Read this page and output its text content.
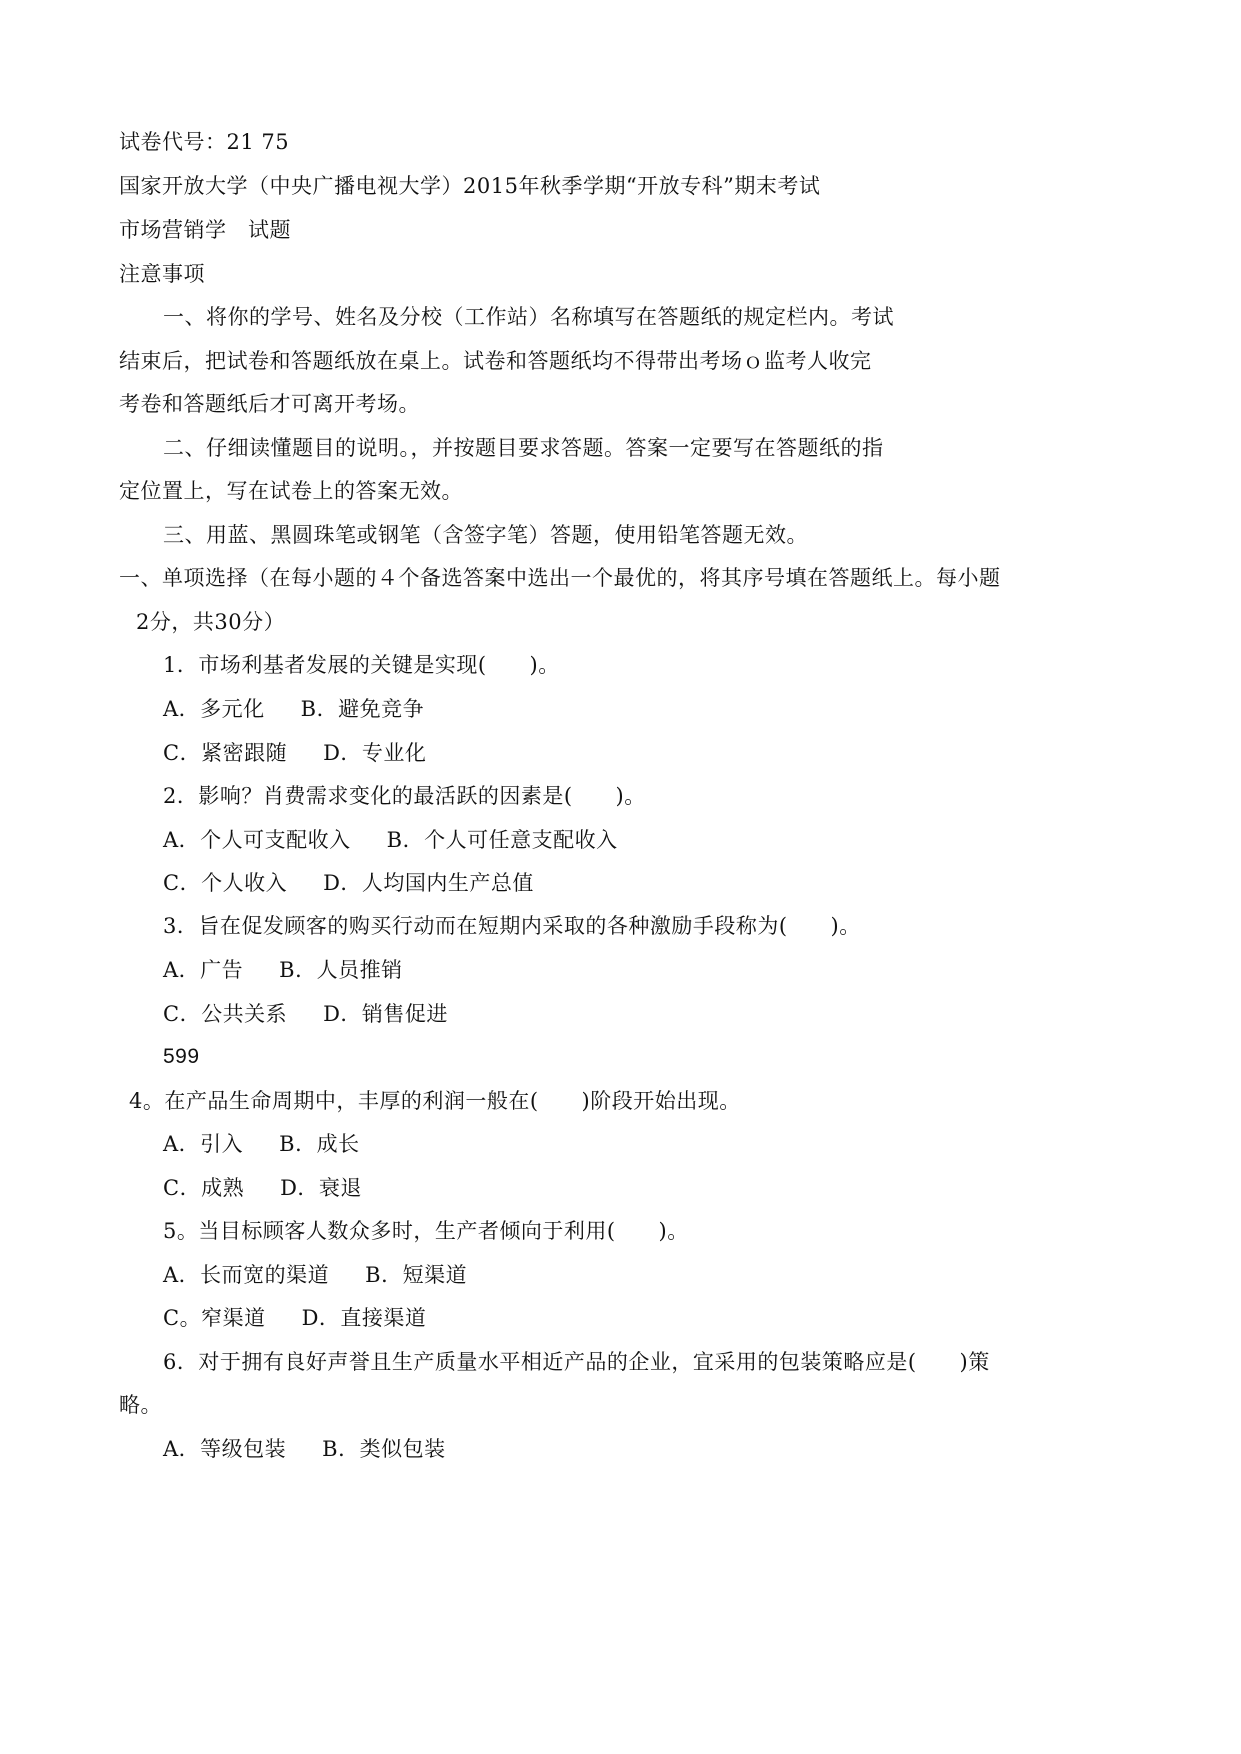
试卷代号：21 75
国家开放大学（中央广播电视大学）2015年秋季学期“开放专科”期末考试
市场营销学　试题
注意事项
一、将你的学号、姓名及分校（工作站）名称填写在答题纸的规定栏内。考试
结束后，把试卷和答题纸放在桌上。试卷和答题纸均不得带出考场ｏ监考人收完
考卷和答题纸后才可离开考场。
二、仔细读懂题目的说明。，并按题目要求答题。答案一定要写在答题纸的指
定位置上，写在试卷上的答案无效。
三、用蓝、黑圆珠笔或钢笔（含签字笔）答题，使用铅笔答题无效。
一、单项选择（在每小题的４个备选答案中选出一个最优的，将其序号填在答题纸上。每小题
2分，共30分）
1．市场利基者发展的关键是实现(　　)。
A．多元化 B．避免竞争
C．紧密跟随 D．专业化
2．影响？肖费需求变化的最活跃的因素是(　　)。
A．个人可支配收入 B．个人可任意支配收入
C．个人收入 D．人均国内生产总值
3．旨在促发顾客的购买行动而在短期内采取的各种激励手段称为(　　)。
A．广告 B．人员推销
C．公共关系 D．销售促进
599
4。在产品生命周期中，丰厚的利润一般在(　　)阶段开始出现。
A．引入 B．成长
C．成熟 D．衰退
5。当目标顾客人数众多时，生产者倾向于利用(　　)。
A．长而宽的渠道 B．短渠道
C。窄渠道 D．直接渠道
6．对于拥有良好声誉且生产质量水平相近产品的企业，宜采用的包装策略应是(　　)策
略。
A．等级包装 B．类似包装
